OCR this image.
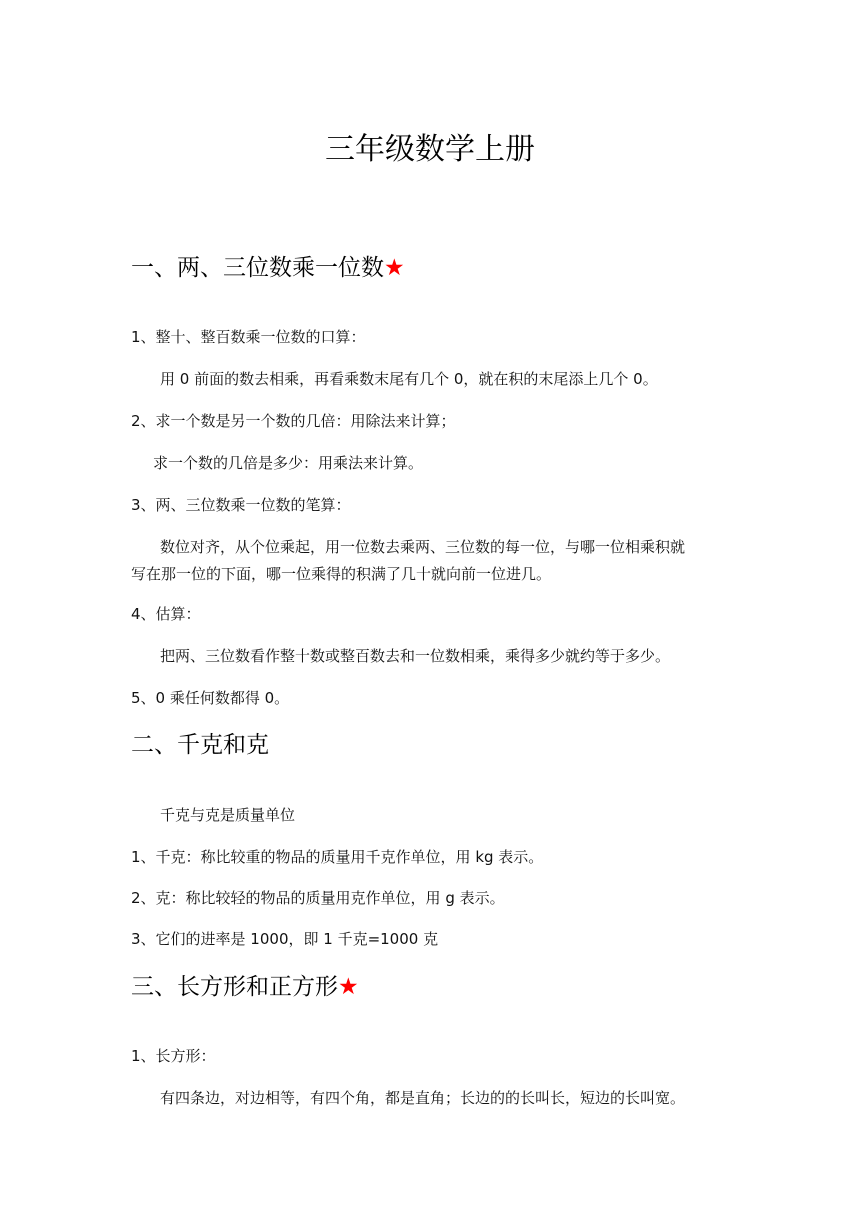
三年级数学上册
一、两、三位数乘一位数★
1、整十、整百数乘一位数的口算：
用 0 前面的数去相乘，再看乘数末尾有几个 0，就在积的末尾添上几个 0。
2、求一个数是另一个数的几倍：用除法来计算；
求一个数的几倍是多少：用乘法来计算。
3、两、三位数乘一位数的笔算：
数位对齐，从个位乘起，用一位数去乘两、三位数的每一位，与哪一位相乘积就
写在那一位的下面，哪一位乘得的积满了几十就向前一位进几。
4、估算：
把两、三位数看作整十数或整百数去和一位数相乘，乘得多少就约等于多少。
5、0 乘任何数都得 0。
二、千克和克
千克与克是质量单位
1、千克：称比较重的物品的质量用千克作单位，用 kg 表示。
2、克：称比较轻的物品的质量用克作单位，用 g 表示。
3、它们的进率是 1000，即 1 千克=1000 克
三、长方形和正方形★
1、长方形：
有四条边，对边相等，有四个角，都是直角；长边的的长叫长，短边的长叫宽。
